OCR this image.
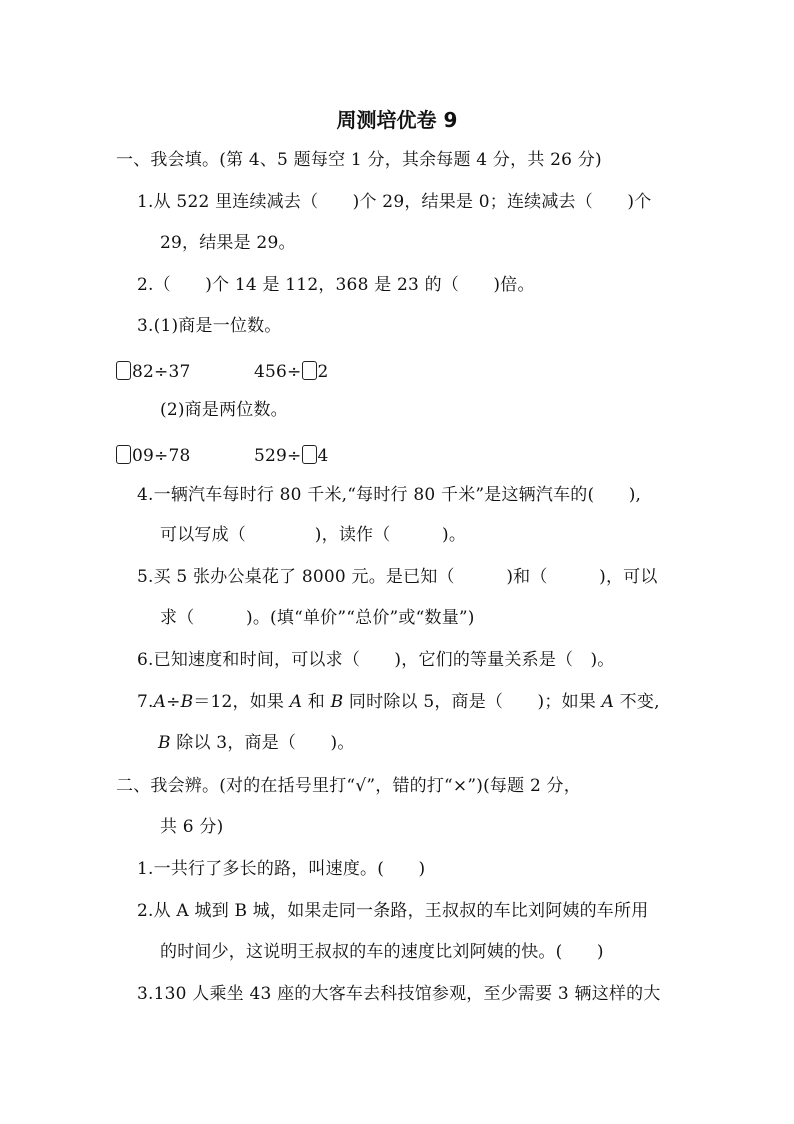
周测培优卷 9
一、我会填。(第 4、5 题每空 1 分，其余每题 4 分，共 26 分)
1.从 522 里连续减去（　　)个 29，结果是 0；连续减去（　　)个
29，结果是 29。
2.（　　)个 14 是 112，368 是 23 的（　　)倍。
3.(1)商是一位数。
82÷37	456÷ 2
(2)商是两位数。
09÷78	529÷ 4
4.一辆汽车每时行 80 千米,“每时行 80 千米”是这辆汽车的(　　),
可以写成（　　　　)，读作（　　　)。
5.买 5 张办公桌花了 8000 元。是已知（　　　)和（　　　)，可以
求（　　　)。(填“单价”“总价”或“数量”)
6.已知速度和时间，可以求（　　)，它们的等量关系是（　)。
7.A÷B＝12，如果 A 和 B 同时除以 5，商是（　　)；如果 A 不变,
B 除以 3，商是（　　)。
二、我会辨。(对的在括号里打“√”，错的打“×”)(每题 2 分，
共 6 分)
1.一共行了多长的路，叫速度。(　　)
2.从 A 城到 B 城，如果走同一条路，王叔叔的车比刘阿姨的车所用
的时间少，这说明王叔叔的车的速度比刘阿姨的快。(　　)
3.130 人乘坐 43 座的大客车去科技馆参观，至少需要 3 辆这样的大
